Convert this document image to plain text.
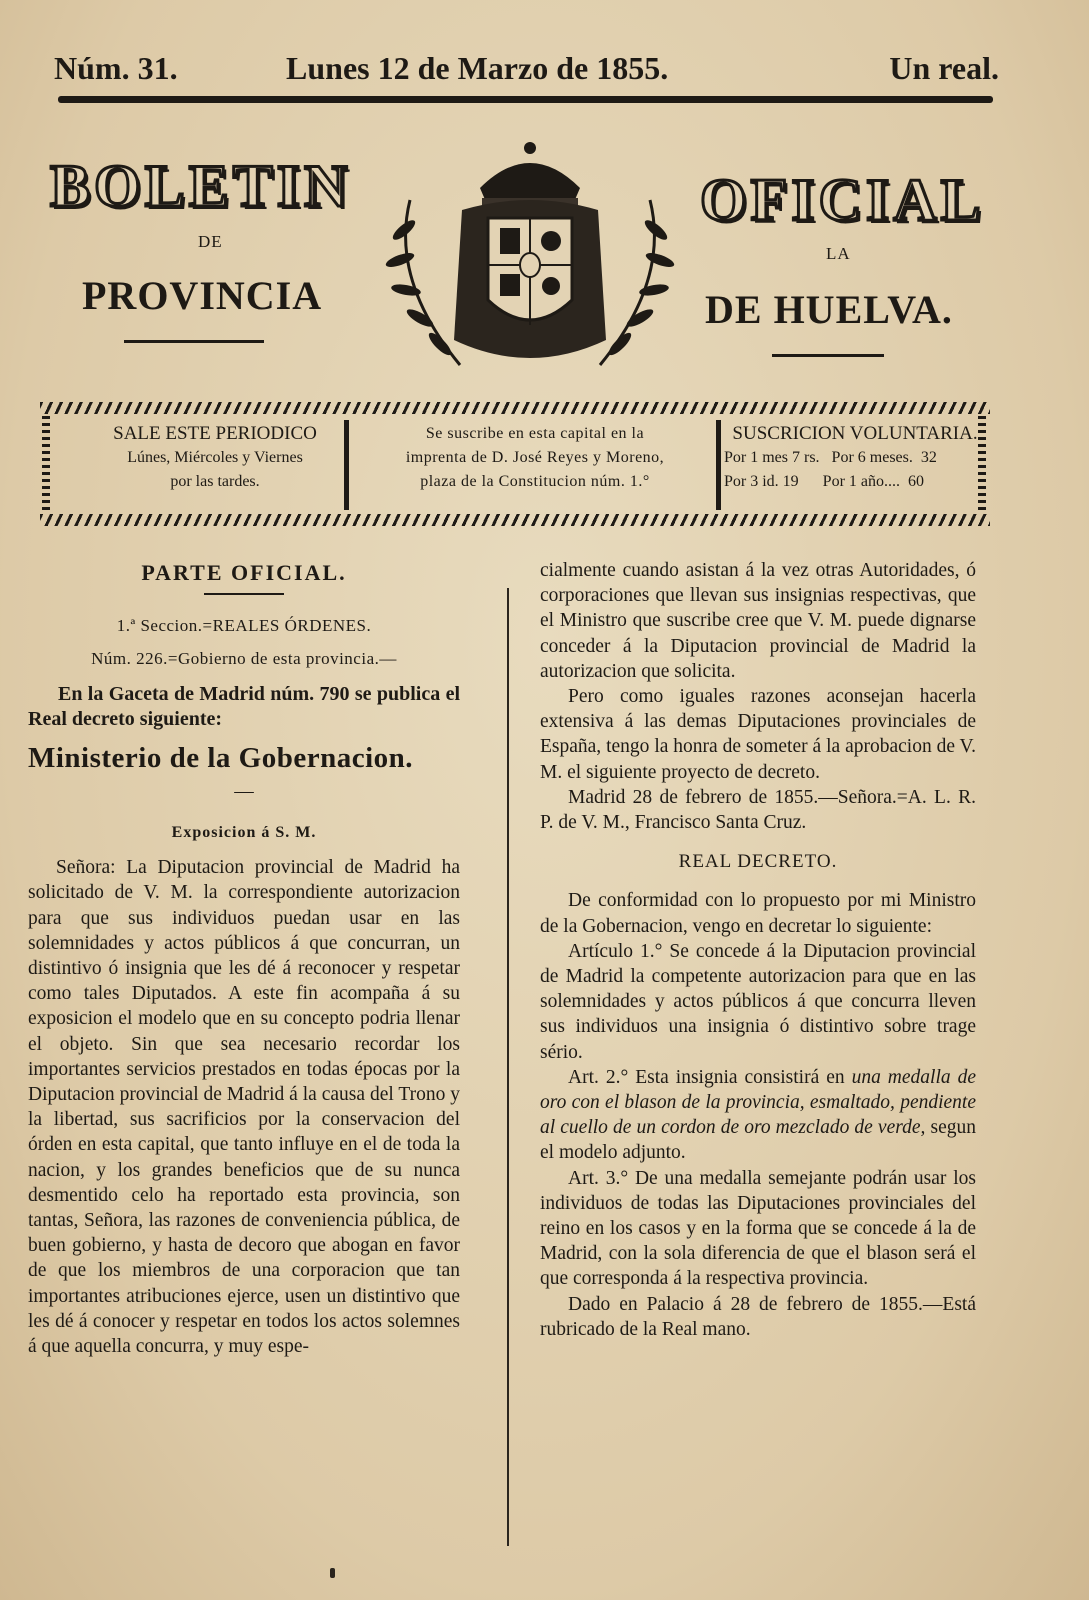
Núm. 31.	Lunes 12 de Marzo de 1855.	Un real.
BOLETIN
DE
PROVINCIA
OFICIAL
LA
DE HUELVA.
SALE ESTE PERIODICO
Lúnes, Miércoles y Viernes
por las tardes.
Se suscribe en esta capital en la
imprenta de D. José Reyes y Moreno,
plaza de la Constitucion núm. 1.°
SUSCRICION VOLUNTARIA.
Por 1 mes 7 rs.   Por 6 meses.  32
Por 3 id. 19      Por 1 año....  60
PARTE OFICIAL.
1.ª Seccion.=REALES ÓRDENES.
Núm. 226.=Gobierno de esta provincia.—

En la Gaceta de Madrid núm. 790 se publica el Real decreto siguiente:

Ministerio de la Gobernacion.
—
Exposicion á S. M.

Señora: La Diputacion provincial de Madrid ha solicitado de V. M. la correspondiente autorizacion para que sus individuos puedan usar en las solemnidades y actos públicos á que concurran, un distintivo ó insignia que les dé á reconocer y respetar como tales Diputados. A este fin acompaña á su exposicion el modelo que en su concepto podria llenar el objeto. Sin que sea necesario recordar los importantes servicios prestados en todas épocas por la Diputacion provincial de Madrid á la causa del Trono y la libertad, sus sacrificios por la conservacion del órden en esta capital, que tanto influye en el de toda la nacion, y los grandes beneficios que de su nunca desmentido celo ha reportado esta provincia, son tantas, Señora, las razones de conveniencia pública, de buen gobierno, y hasta de decoro que abogan en favor de que los miembros de una corporacion que tan importantes atribuciones ejerce, usen un distintivo que les dé á conocer y respetar en todos los actos solemnes á que aquella concurra, y muy espe-

cialmente cuando asistan á la vez otras Autoridades, ó corporaciones que llevan sus insignias respectivas, que el Ministro que suscribe cree que V. M. puede dignarse conceder á la Diputacion provincial de Madrid la autorizacion que solicita.

Pero como iguales razones aconsejan hacerla extensiva á las demas Diputaciones provinciales de España, tengo la honra de someter á la aprobacion de V. M. el siguiente proyecto de decreto.

Madrid 28 de febrero de 1855.—Señora.=A. L. R. P. de V. M., Francisco Santa Cruz.

REAL DECRETO.

De conformidad con lo propuesto por mi Ministro de la Gobernacion, vengo en decretar lo siguiente:

Artículo 1.° Se concede á la Diputacion provincial de Madrid la competente autorizacion para que en las solemnidades y actos públicos á que concurra lleven sus individuos una insignia ó distintivo sobre trage sério.

Art. 2.° Esta insignia consistirá en una medalla de oro con el blason de la provincia, esmaltado, pendiente al cuello de un cordon de oro mezclado de verde, segun el modelo adjunto.

Art. 3.° De una medalla semejante podrán usar los individuos de todas las Diputaciones provinciales del reino en los casos y en la forma que se concede á la de Madrid, con la sola diferencia de que el blason será el que corresponda á la respectiva provincia.

Dado en Palacio á 28 de febrero de 1855.—Está rubricado de la Real mano.
